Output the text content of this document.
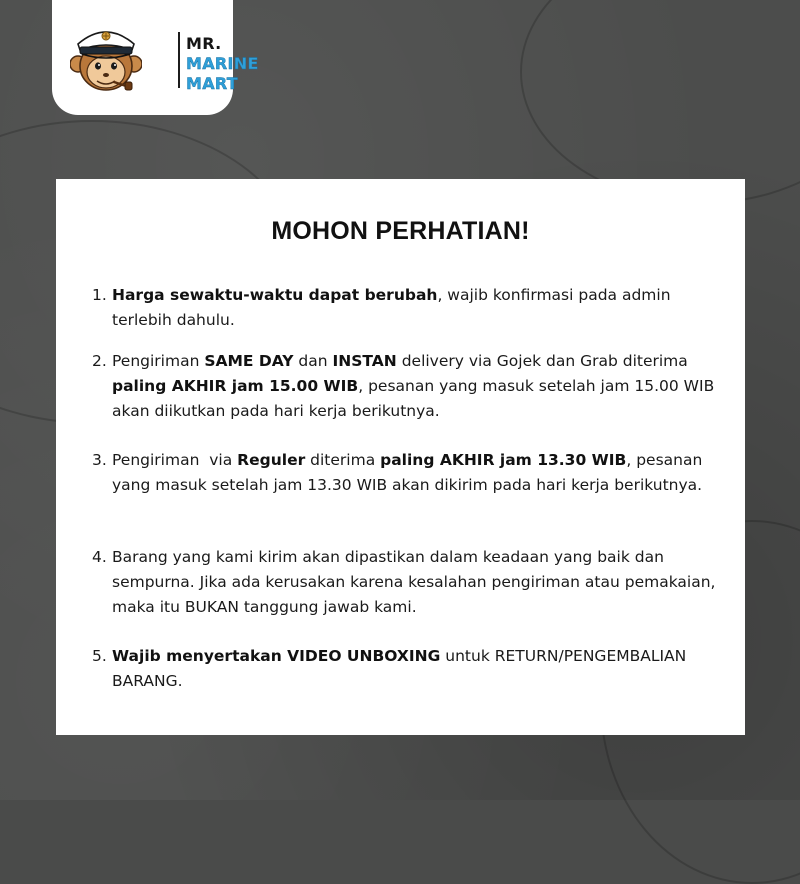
MR.
MARINE
MART
MOHON PERHATIAN!
1. Harga sewaktu-waktu dapat berubah, wajib konfirmasi pada admin terlebih dahulu.
2. Pengiriman SAME DAY dan INSTAN delivery via Gojek dan Grab diterima paling AKHIR jam 15.00 WIB, pesanan yang masuk setelah jam 15.00 WIB akan diikutkan pada hari kerja berikutnya.
3. Pengiriman  via Reguler diterima paling AKHIR jam 13.30 WIB, pesanan yang masuk setelah jam 13.30 WIB akan dikirim pada hari kerja berikutnya.
4. Barang yang kami kirim akan dipastikan dalam keadaan yang baik dan sempurna. Jika ada kerusakan karena kesalahan pengiriman atau pemakaian, maka itu BUKAN tanggung jawab kami.
5. Wajib menyertakan VIDEO UNBOXING untuk RETURN/PENGEMBALIAN BARANG.
